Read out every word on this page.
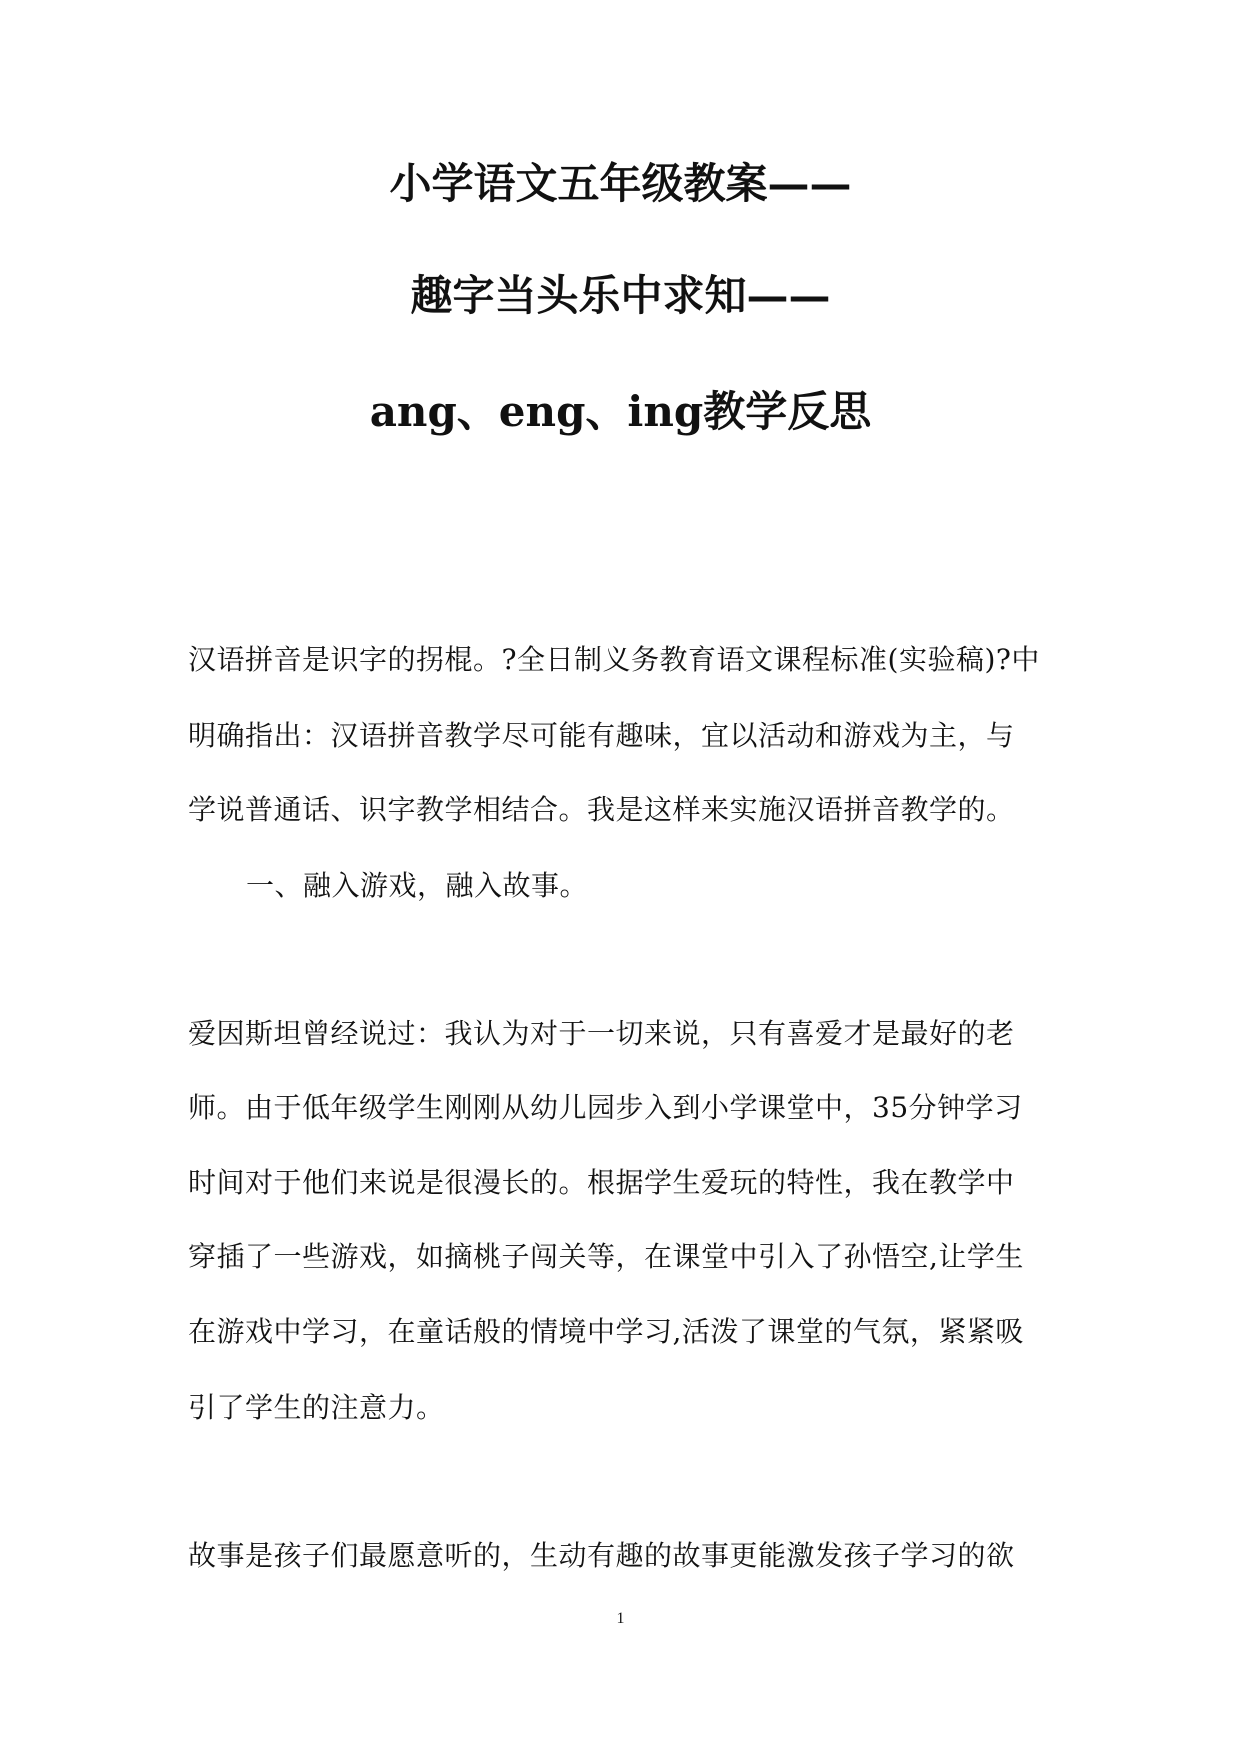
小学语文五年级教案——
趣字当头乐中求知——
ang、eng、ing教学反思
汉语拼音是识字的拐棍。?全日制义务教育语文课程标准(实验稿)?中
明确指出：汉语拼音教学尽可能有趣味，宜以活动和游戏为主，与
学说普通话、识字教学相结合。我是这样来实施汉语拼音教学的。
一、融入游戏，融入故事。
爱因斯坦曾经说过：我认为对于一切来说，只有喜爱才是最好的老
师。由于低年级学生刚刚从幼儿园步入到小学课堂中，35分钟学习
时间对于他们来说是很漫长的。根据学生爱玩的特性，我在教学中
穿插了一些游戏，如摘桃子闯关等，在课堂中引入了孙悟空,让学生
在游戏中学习，在童话般的情境中学习,活泼了课堂的气氛，紧紧吸
引了学生的注意力。
故事是孩子们最愿意听的，生动有趣的故事更能激发孩子学习的欲
1
